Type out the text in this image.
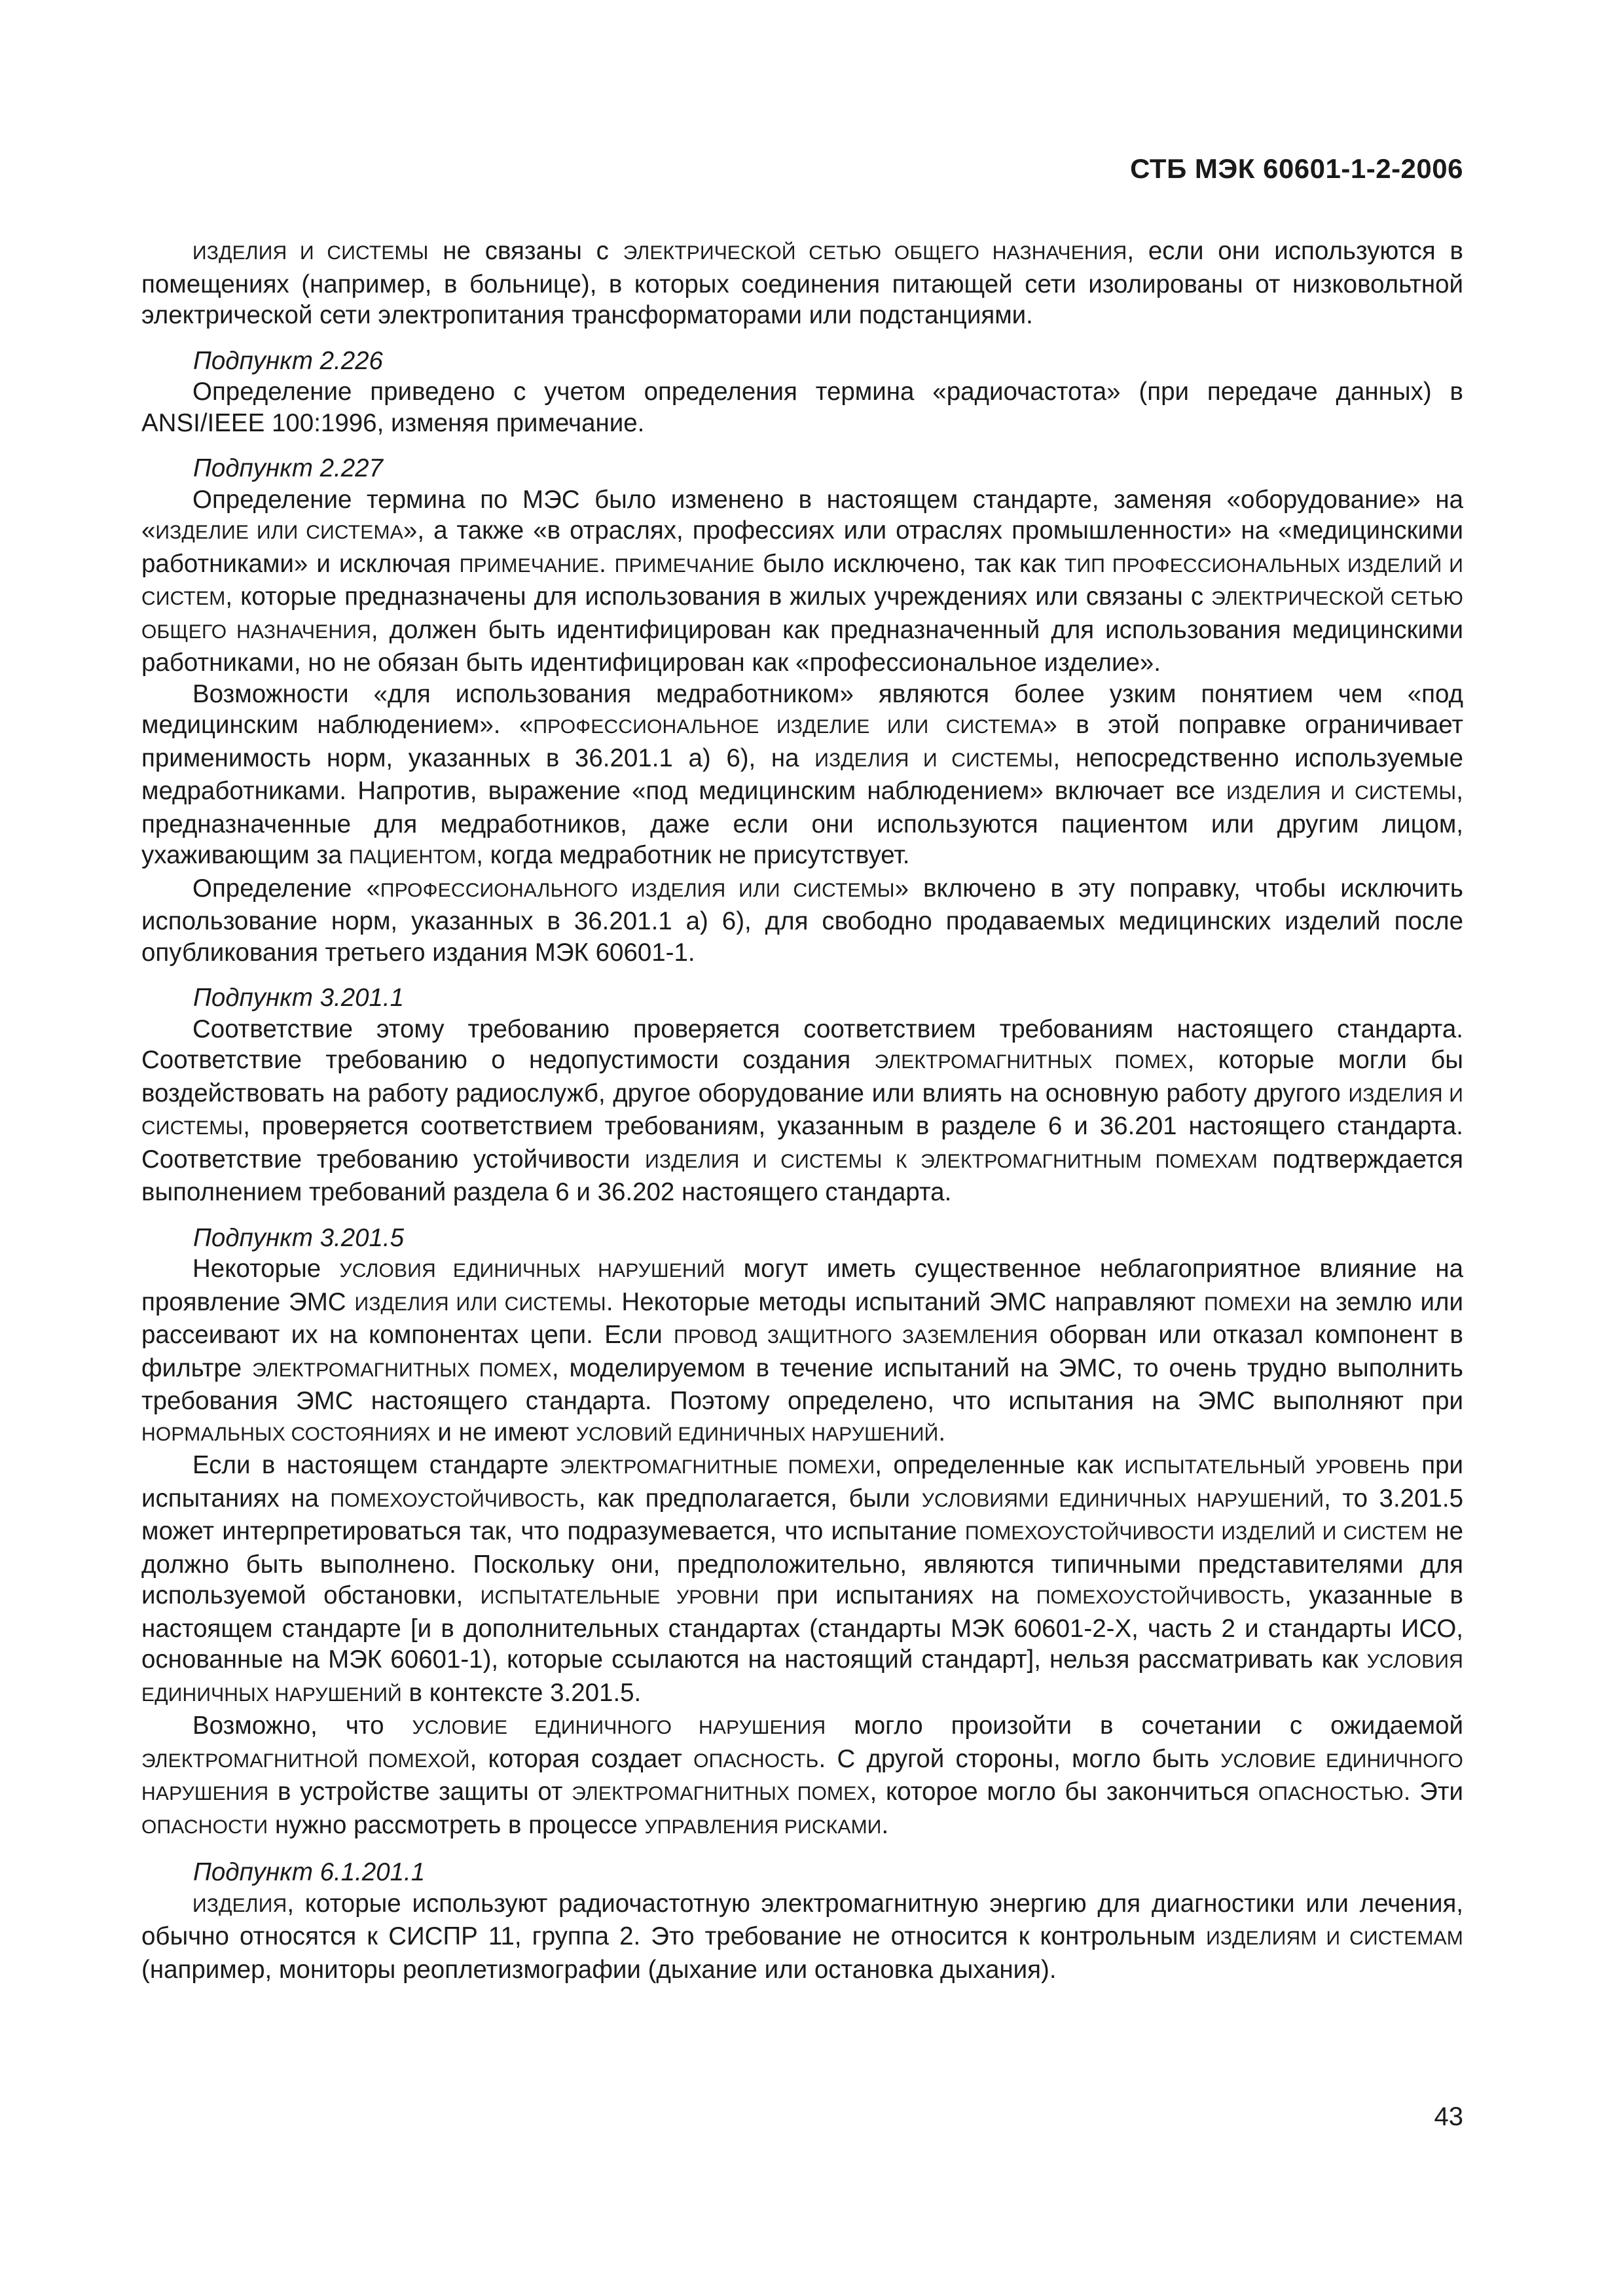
СТБ МЭК 60601-1-2-2006

ИЗДЕЛИЯ И СИСТЕМЫ не связаны с ЭЛЕКТРИЧЕСКОЙ СЕТЬЮ ОБЩЕГО НАЗНАЧЕНИЯ, если они используются в помещениях (например, в больнице), в которых соединения питающей сети изолированы от низковольтной электрической сети электропитания трансформаторами или подстанциями.

Подпункт 2.226

Определение приведено с учетом определения термина «радиочастота» (при передаче данных) в ANSI/IEEE 100:1996, изменяя примечание.

Подпункт 2.227

Определение термина по МЭС было изменено в настоящем стандарте, заменяя «оборудование» на «ИЗДЕЛИЕ ИЛИ СИСТЕМА», а также «в отраслях, профессиях или отраслях промышленности» на «медицинскими работниками» и исключая ПРИМЕЧАНИЕ. ПРИМЕЧАНИЕ было исключено, так как ТИП ПРОФЕССИОНАЛЬНЫХ ИЗДЕЛИЙ И СИСТЕМ, которые предназначены для использования в жилых учреждениях или связаны с ЭЛЕКТРИЧЕСКОЙ СЕТЬЮ ОБЩЕГО НАЗНАЧЕНИЯ, должен быть идентифицирован как предназначенный для использования медицинскими работниками, но не обязан быть идентифицирован как «профессиональное изделие».

Возможности «для использования медработником» являются более узким понятием чем «под медицинским наблюдением». «ПРОФЕССИОНАЛЬНОЕ ИЗДЕЛИЕ ИЛИ СИСТЕМА» в этой поправке ограничивает применимость норм, указанных в 36.201.1 а) 6), на ИЗДЕЛИЯ И СИСТЕМЫ, непосредственно используемые медработниками. Напротив, выражение «под медицинским наблюдением» включает все ИЗДЕЛИЯ И СИСТЕМЫ, предназначенные для медработников, даже если они используются пациентом или другим лицом, ухаживающим за ПАЦИЕНТОМ, когда медработник не присутствует.

Определение «ПРОФЕССИОНАЛЬНОГО ИЗДЕЛИЯ ИЛИ СИСТЕМЫ» включено в эту поправку, чтобы исключить использование норм, указанных в 36.201.1 а) 6), для свободно продаваемых медицинских изделий после опубликования третьего издания МЭК 60601-1.

Подпункт 3.201.1

Соответствие этому требованию проверяется соответствием требованиям настоящего стандарта. Соответствие требованию о недопустимости создания ЭЛЕКТРОМАГНИТНЫХ ПОМЕХ, которые могли бы воздействовать на работу радиослужб, другое оборудование или влиять на основную работу другого ИЗДЕЛИЯ И СИСТЕМЫ, проверяется соответствием требованиям, указанным в разделе 6 и 36.201 настоящего стандарта. Соответствие требованию устойчивости ИЗДЕЛИЯ И СИСТЕМЫ К ЭЛЕКТРОМАГНИТНЫМ ПОМЕХАМ подтверждается выполнением требований раздела 6 и 36.202 настоящего стандарта.

Подпункт 3.201.5

Некоторые УСЛОВИЯ ЕДИНИЧНЫХ НАРУШЕНИЙ могут иметь существенное неблагоприятное влияние на проявление ЭМС ИЗДЕЛИЯ ИЛИ СИСТЕМЫ. Некоторые методы испытаний ЭМС направляют ПОМЕХИ на землю или рассеивают их на компонентах цепи. Если ПРОВОД ЗАЩИТНОГО ЗАЗЕМЛЕНИЯ оборван или отказал компонент в фильтре ЭЛЕКТРОМАГНИТНЫХ ПОМЕХ, моделируемом в течение испытаний на ЭМС, то очень трудно выполнить требования ЭМС настоящего стандарта. Поэтому определено, что испытания на ЭМС выполняют при НОРМАЛЬНЫХ СОСТОЯНИЯХ и не имеют УСЛОВИЙ ЕДИНИЧНЫХ НАРУШЕНИЙ.

Если в настоящем стандарте ЭЛЕКТРОМАГНИТНЫЕ ПОМЕХИ, определенные как ИСПЫТАТЕЛЬНЫЙ УРОВЕНЬ при испытаниях на ПОМЕХОУСТОЙЧИВОСТЬ, как предполагается, были УСЛОВИЯМИ ЕДИНИЧНЫХ НАРУШЕНИЙ, то 3.201.5 может интерпретироваться так, что подразумевается, что испытание ПОМЕХОУСТОЙЧИВОСТИ ИЗДЕЛИЙ И СИСТЕМ не должно быть выполнено. Поскольку они, предположительно, являются типичными представителями для используемой обстановки, ИСПЫТАТЕЛЬНЫЕ УРОВНИ при испытаниях на ПОМЕХОУСТОЙЧИВОСТЬ, указанные в настоящем стандарте [и в дополнительных стандартах (стандарты МЭК 60601-2-X, часть 2 и стандарты ИСО, основанные на МЭК 60601-1), которые ссылаются на настоящий стандарт], нельзя рассматривать как УСЛОВИЯ ЕДИНИЧНЫХ НАРУШЕНИЙ в контексте 3.201.5.

Возможно, что УСЛОВИЕ ЕДИНИЧНОГО НАРУШЕНИЯ могло произойти в сочетании с ожидаемой ЭЛЕКТРОМАГНИТНОЙ ПОМЕХОЙ, которая создает ОПАСНОСТЬ. С другой стороны, могло быть УСЛОВИЕ ЕДИНИЧНОГО НАРУШЕНИЯ в устройстве защиты от ЭЛЕКТРОМАГНИТНЫХ ПОМЕХ, которое могло бы закончиться ОПАСНОСТЬЮ. Эти ОПАСНОСТИ нужно рассмотреть в процессе УПРАВЛЕНИЯ РИСКАМИ.

Подпункт 6.1.201.1

ИЗДЕЛИЯ, которые используют радиочастотную электромагнитную энергию для диагностики или лечения, обычно относятся к СИСПР 11, группа 2. Это требование не относится к контрольным ИЗДЕЛИЯМ И СИСТЕМАМ (например, мониторы реоплетизмографии (дыхание или остановка дыхания).

43
